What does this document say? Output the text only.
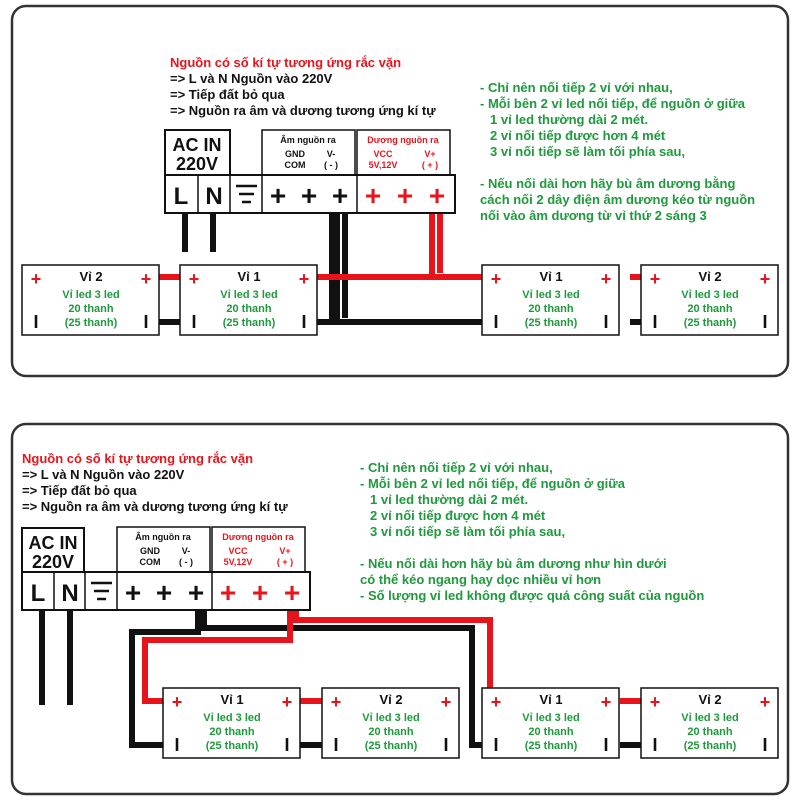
Nguồn có số kí tự tương ứng rắc vặn
=> L và N Nguồn vào 220V
=> Tiếp đất bỏ qua
=> Nguồn ra âm và dương tương ứng kí tự
- Chỉ nên nối tiếp 2 vỉ với nhau,
- Mỗi bên 2 vỉ led nối tiếp, để nguồn ở giữa
1 vỉ led thường dài 2 mét.
2 vỉ nối tiếp được hơn 4 mét
3 vỉ nối tiếp sẽ làm tối phía sau,
- Nếu nối dài hơn hãy bù âm dương bằng
cách nối 2 dây điện âm dương kéo từ nguồn
nối vào âm dương từ vỉ thứ 2 sáng 3
AC IN
220V
Âm nguồn ra
GND
COM
V-
( - )
Dương nguồn ra
VCC
5V,12V
V+
( + )
L N + + + + + +
+	+
I	I
Vỉ 2
Vỉ led 3 led
20 thanh
(25 thanh)
+	+
I	I
Vỉ 1
Vỉ led 3 led
20 thanh
(25 thanh)
+	+
I	I
Vỉ 1
Vỉ led 3 led
20 thanh
(25 thanh)
+	+
I	I
Vỉ 2
Vỉ led 3 led
20 thanh
(25 thanh)
Nguồn có số kí tự tương ứng rắc vặn
=> L và N Nguồn vào 220V
=> Tiếp đất bỏ qua
=> Nguồn ra âm và dương tương ứng kí tự
- Chỉ nên nối tiếp 2 vỉ với nhau,
- Mỗi bên 2 vỉ led nối tiếp, để nguồn ở giữa
1 vỉ led thường dài 2 mét.
2 vỉ nối tiếp được hơn 4 mét
3 vỉ nối tiếp sẽ làm tối phía sau,
- Nếu nối dài hơn hãy bù âm dương như hìn dưới
có thể kéo ngang hay dọc nhiều vỉ hơn
- Số lượng vỉ led không được quá công suất của nguồn
AC IN
220V
Âm nguồn ra
GND
COM
V-
( - )
Dương nguồn ra
VCC
5V,12V
V+
( + )
L N + + + + + +
+	+
I	I
Vỉ 1
Vỉ led 3 led
20 thanh
(25 thanh)
+	+
I	I
Vỉ 2
Vỉ led 3 led
20 thanh
(25 thanh)
+	+
I	I
Vỉ 1
Vỉ led 3 led
20 thanh
(25 thanh)
+	+
I	I
Vỉ 2
Vỉ led 3 led
20 thanh
(25 thanh)
